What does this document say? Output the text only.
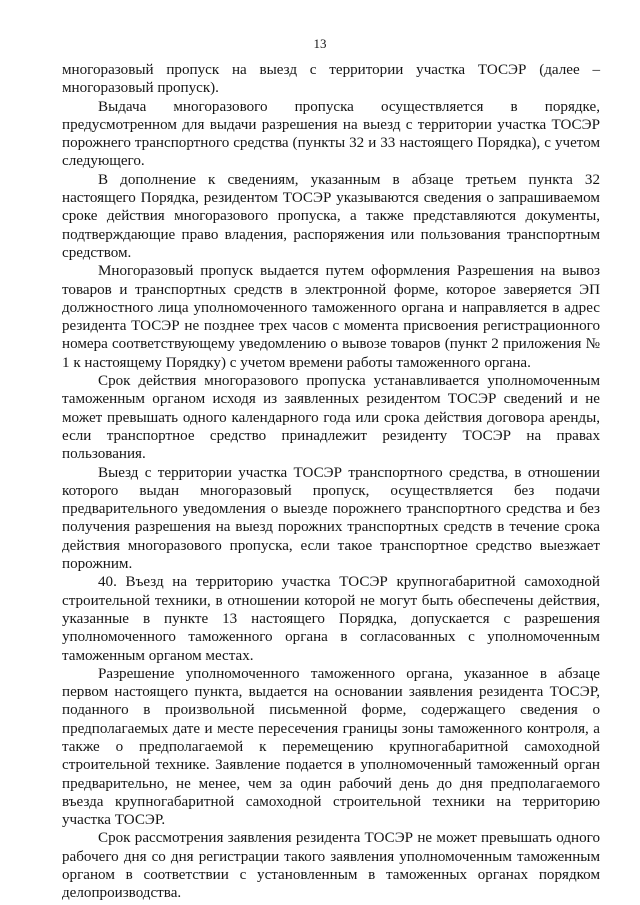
13

многоразовый пропуск на выезд с территории участка ТОСЭР (далее – многоразовый пропуск).

Выдача многоразового пропуска осуществляется в порядке, предусмотренном для выдачи разрешения на выезд с территории участка ТОСЭР порожнего транспортного средства (пункты 32 и 33 настоящего Порядка), с учетом следующего.

В дополнение к сведениям, указанным в абзаце третьем пункта 32 настоящего Порядка, резидентом ТОСЭР указываются сведения о запрашиваемом сроке действия многоразового пропуска, а также представляются документы, подтверждающие право владения, распоряжения или пользования транспортным средством.

Многоразовый пропуск выдается путем оформления Разрешения на вывоз товаров и транспортных средств в электронной форме, которое заверяется ЭП должностного лица уполномоченного таможенного органа и направляется в адрес резидента ТОСЭР не позднее трех часов с момента присвоения регистрационного номера соответствующему уведомлению о вывозе товаров (пункт 2 приложения № 1 к настоящему Порядку) с учетом времени работы таможенного органа.

Срок действия многоразового пропуска устанавливается уполномоченным таможенным органом исходя из заявленных резидентом ТОСЭР сведений и не может превышать одного календарного года или срока действия договора аренды, если транспортное средство принадлежит резиденту ТОСЭР на правах пользования.

Выезд с территории участка ТОСЭР транспортного средства, в отношении которого выдан многоразовый пропуск, осуществляется без подачи предварительного уведомления о выезде порожнего транспортного средства и без получения разрешения на выезд порожних транспортных средств в течение срока действия многоразового пропуска, если такое транспортное средство выезжает порожним.

40. Въезд на территорию участка ТОСЭР крупногабаритной самоходной строительной техники, в отношении которой не могут быть обеспечены действия, указанные в пункте 13 настоящего Порядка, допускается с разрешения уполномоченного таможенного органа в согласованных с уполномоченным таможенным органом местах.

Разрешение уполномоченного таможенного органа, указанное в абзаце первом настоящего пункта, выдается на основании заявления резидента ТОСЭР, поданного в произвольной письменной форме, содержащего сведения о предполагаемых дате и месте пересечения границы зоны таможенного контроля, а также о предполагаемой к перемещению крупногабаритной самоходной строительной технике. Заявление подается в уполномоченный таможенный орган предварительно, не менее, чем за один рабочий день до дня предполагаемого въезда крупногабаритной самоходной строительной техники на территорию участка ТОСЭР.

Срок рассмотрения заявления резидента ТОСЭР не может превышать одного рабочего дня со дня регистрации такого заявления уполномоченным таможенным органом в соответствии с установленным в таможенных органах порядком делопроизводства.
